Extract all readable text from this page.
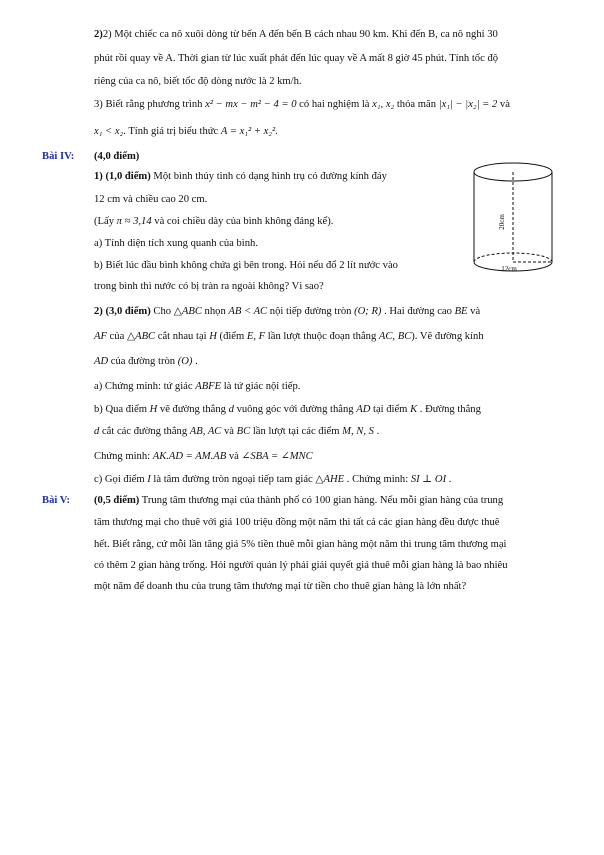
2)2) Một chiếc ca nô xuôi dòng từ bến A đến bến B cách nhau 90 km. Khi đến B, ca nô nghỉ 30
phút rồi quay về A. Thời gian từ lúc xuất phát đến lúc quay về A mất 8 giờ 45 phút. Tính tốc độ
riêng của ca nô, biết tốc độ dòng nước là 2 km/h.
3) Biết rằng phương trình x² − mx − m² − 4 = 0 có hai nghiệm là x₁, x₂ thỏa mãn |x₁| − |x₂| = 2 và
x₁ < x₂. Tính giá trị biểu thức A = x₁² + x₂².
Bài IV: (4,0 điểm)
1) (1,0 điểm) Một bình thủy tinh có dạng hình trụ có đường kính đáy
12 cm và chiều cao 20 cm.
(Lấy π ≈ 3,14 và coi chiều dày của bình không đáng kể).
a) Tính diện tích xung quanh của bình.
b) Biết lúc đầu bình không chứa gì bên trong. Hỏi nếu đổ 2 lít nước vào
trong bình thì nước có bị tràn ra ngoài không? Vì sao?
20cm
12cm
2) (3,0 điểm) Cho △ABC nhọn AB < AC nội tiếp đường tròn (O; R) . Hai đường cao BE và
AF của △ABC cắt nhau tại H (điểm E, F lần lượt thuộc đoạn thẳng AC, BC). Vẽ đường kính
AD của đường tròn (O) .
a) Chứng minh: tứ giác ABFE là tứ giác nội tiếp.
b) Qua điểm H vẽ đường thẳng d vuông góc với đường thẳng AD tại điểm K . Đường thẳng
d cắt các đường thẳng AB, AC và BC lần lượt tại các điểm M, N, S .
Chứng minh: AK.AD = AM.AB và ∠SBA = ∠MNC
c) Gọi điểm I là tâm đường tròn ngoại tiếp tam giác △AHE . Chứng minh: SI ⊥ OI .
Bài V: (0,5 điểm) Trung tâm thương mại của thành phố có 100 gian hàng. Nếu mỗi gian hàng của trung
tâm thương mại cho thuê với giá 100 triệu đồng một năm thì tất cả các gian hàng đều được thuê
hết. Biết rằng, cứ mỗi lần tăng giá 5% tiền thuê mỗi gian hàng một năm thì trung tâm thương mại
có thêm 2 gian hàng trống. Hỏi người quản lý phải giải quyết giá thuê mỗi gian hàng là bao nhiêu
một năm để doanh thu của trung tâm thương mại từ tiền cho thuê gian hàng là lớn nhất?
